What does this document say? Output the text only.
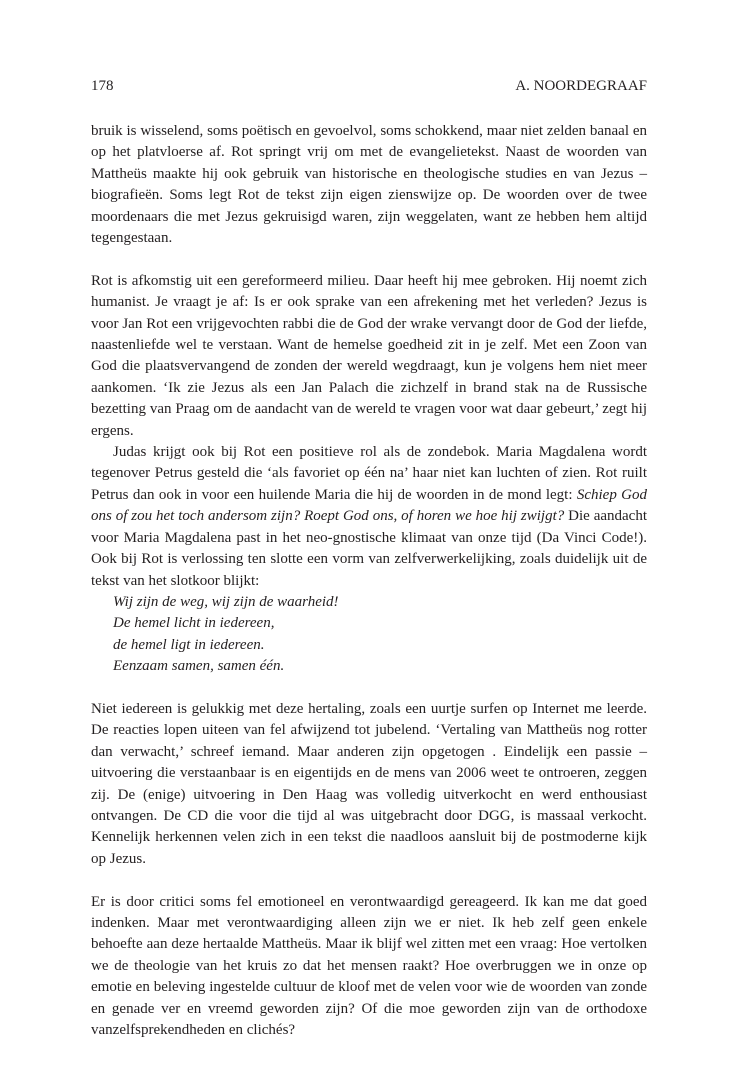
178	A. NOORDEGRAAF

bruik is wisselend, soms poëtisch en gevoelvol, soms schokkend, maar niet zelden banaal en op het platvloerse af. Rot springt vrij om met de evangelietekst. Naast de woorden van Mattheüs maakte hij ook gebruik van historische en theologische studies en van Jezus –biografieën. Soms legt Rot de tekst zijn eigen zienswijze op. De woorden over de twee moordenaars die met Jezus gekruisigd waren, zijn weggelaten, want ze hebben hem altijd tegengestaan.

Rot is afkomstig uit een gereformeerd milieu. Daar heeft hij mee gebroken. Hij noemt zich humanist. Je vraagt je af: Is er ook sprake van een afrekening met het verleden? Jezus is voor Jan Rot een vrijgevochten rabbi die de God der wrake vervangt door de God der liefde, naastenliefde wel te verstaan. Want de hemelse goedheid zit in je zelf. Met een Zoon van God die plaatsvervangend de zonden der wereld wegdraagt, kun je volgens hem niet meer aankomen. ‘Ik zie Jezus als een Jan Palach die zichzelf in brand stak na de Russische bezetting van Praag om de aandacht van de wereld te vragen voor wat daar gebeurt,’ zegt hij ergens.

Judas krijgt ook bij Rot een positieve rol als de zondebok. Maria Magdalena wordt tegenover Petrus gesteld die ‘als favoriet op één na’ haar niet kan luchten of zien. Rot ruilt Petrus dan ook in voor een huilende Maria die hij de woorden in de mond legt: Schiep God ons of zou het toch andersom zijn? Roept God ons, of horen we hoe hij zwijgt? Die aandacht voor Maria Magdalena past in het neo-gnostische klimaat van onze tijd (Da Vinci Code!). Ook bij Rot is verlossing ten slotte een vorm van zelfverwerkelijking, zoals duidelijk uit de tekst van het slotkoor blijkt:

Wij zijn de weg, wij zijn de waarheid!
De hemel licht in iedereen,
de hemel ligt in iedereen.
Eenzaam samen, samen één.

Niet iedereen is gelukkig met deze hertaling, zoals een uurtje surfen op Internet me leerde. De reacties lopen uiteen van fel afwijzend tot jubelend. ‘Vertaling van Mattheüs nog rotter dan verwacht,’ schreef iemand. Maar anderen zijn opgetogen . Eindelijk een passie – uitvoering die verstaanbaar is en eigentijds en de mens van 2006 weet te ontroeren, zeggen zij. De (enige) uitvoering in Den Haag was volledig uitverkocht en werd enthousiast ontvangen. De CD die voor die tijd al was uitgebracht door DGG, is massaal verkocht. Kennelijk herkennen velen zich in een tekst die naadloos aansluit bij de postmoderne kijk op Jezus.

Er is door critici soms fel emotioneel en verontwaardigd gereageerd. Ik kan me dat goed indenken. Maar met verontwaardiging alleen zijn we er niet. Ik heb zelf geen enkele behoefte aan deze hertaalde Mattheüs. Maar ik blijf wel zitten met een vraag: Hoe vertolken we de theologie van het kruis zo dat het mensen raakt? Hoe overbruggen we in onze op emotie en beleving ingestelde cultuur de kloof met de velen voor wie de woorden van zonde en genade ver en vreemd geworden zijn? Of die moe geworden zijn van de orthodoxe vanzelfsprekendheden en clichés?
